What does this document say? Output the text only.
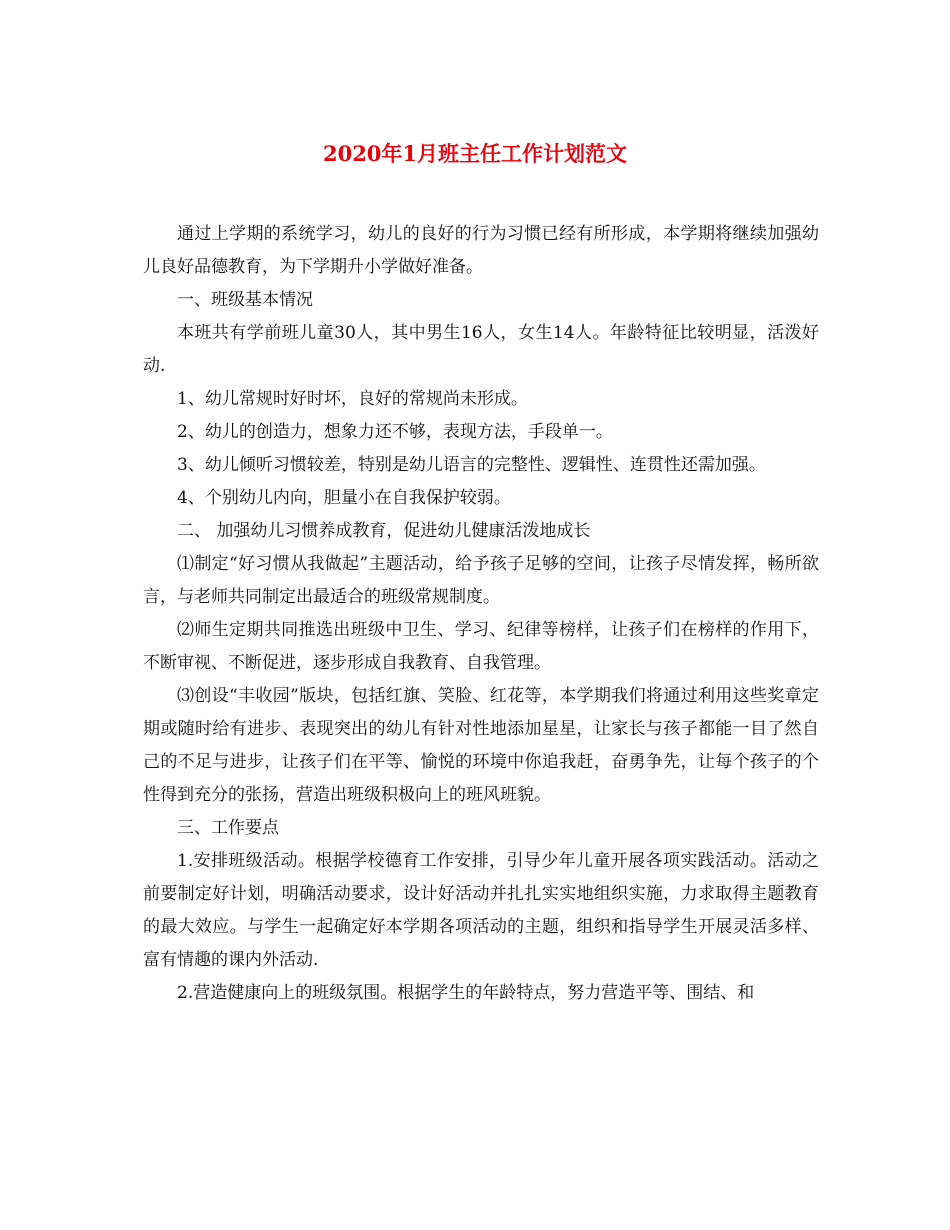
2020年1月班主任工作计划范文

通过上学期的系统学习，幼儿的良好的行为习惯已经有所形成，本学期将继续加强幼儿良好品德教育，为下学期升小学做好准备。

一、班级基本情况

本班共有学前班儿童30人，其中男生16人，女生14人。年龄特征比较明显，活泼好动.

1、幼儿常规时好时坏，良好的常规尚未形成。

2、幼儿的创造力，想象力还不够，表现方法，手段单一。

3、幼儿倾听习惯较差，特别是幼儿语言的完整性、逻辑性、连贯性还需加强。

4、个别幼儿内向，胆量小在自我保护较弱。

二、 加强幼儿习惯养成教育，促进幼儿健康活泼地成长

⑴制定“好习惯从我做起”主题活动，给予孩子足够的空间，让孩子尽情发挥，畅所欲言，与老师共同制定出最适合的班级常规制度。

⑵师生定期共同推选出班级中卫生、学习、纪律等榜样，让孩子们在榜样的作用下，不断审视、不断促进，逐步形成自我教育、自我管理。

⑶创设“丰收园”版块，包括红旗、笑脸、红花等，本学期我们将通过利用这些奖章定期或随时给有进步、表现突出的幼儿有针对性地添加星星，让家长与孩子都能一目了然自己的不足与进步，让孩子们在平等、愉悦的环境中你追我赶，奋勇争先，让每个孩子的个性得到充分的张扬，营造出班级积极向上的班风班貌。

三、工作要点

1.安排班级活动。根据学校德育工作安排，引导少年儿童开展各项实践活动。活动之前要制定好计划，明确活动要求，设计好活动并扎扎实实地组织实施，力求取得主题教育的最大效应。与学生一起确定好本学期各项活动的主题，组织和指导学生开展灵活多样、富有情趣的课内外活动.

2.营造健康向上的班级氛围。根据学生的年龄特点，努力营造平等、围结、和
